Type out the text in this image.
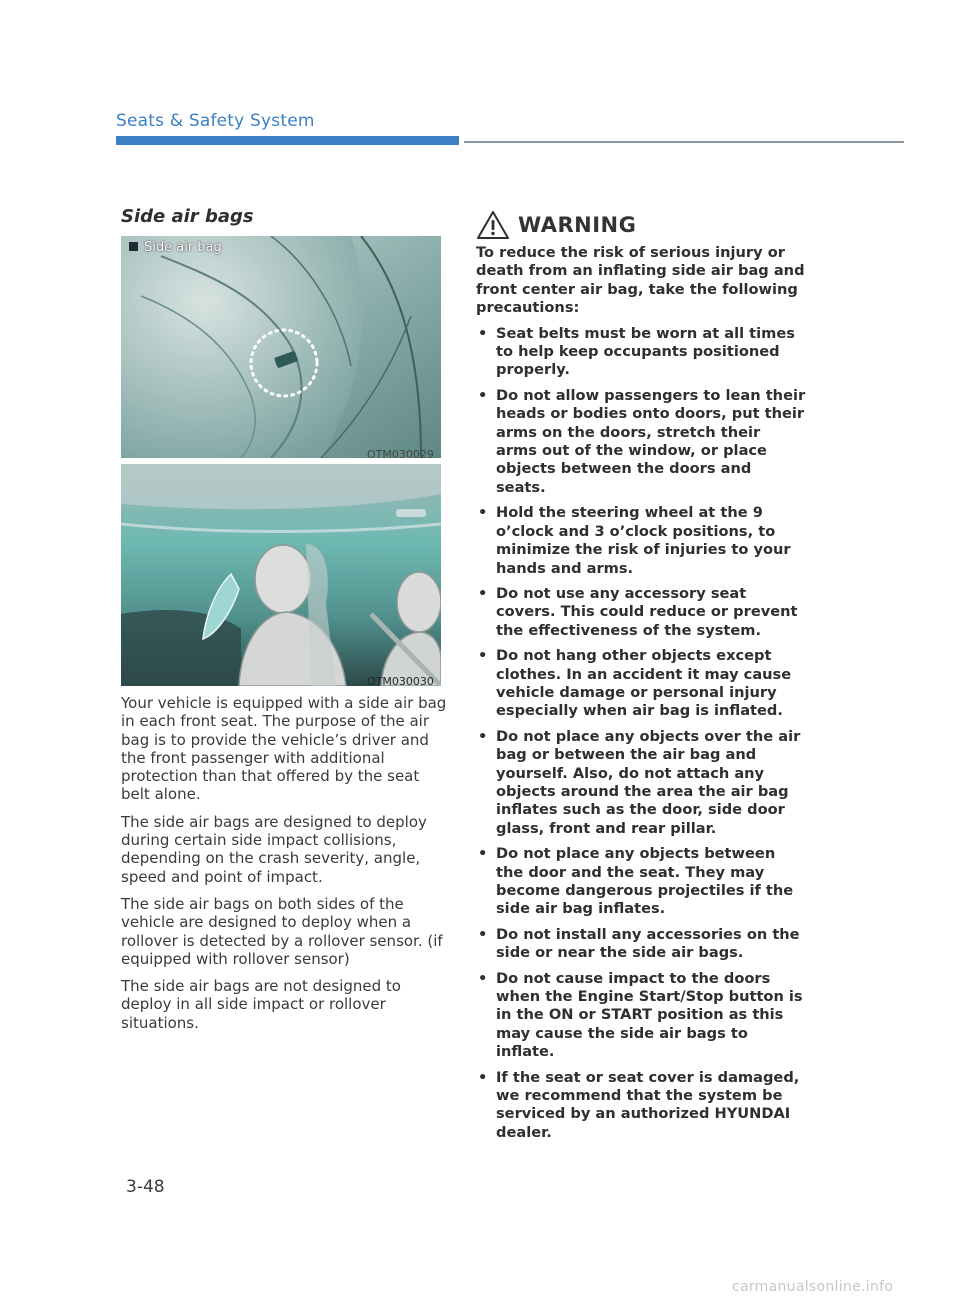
Seats & Safety System
Side air bags
Side air bag
OTM030029
OTM030030

Your vehicle is equipped with a side air bag in each front seat. The purpose of the air bag is to provide the vehicle’s driver and the front passenger with additional protection than that offered by the seat belt alone.

The side air bags are designed to deploy during certain side impact collisions, depending on the crash severity, angle, speed and point of impact.

The side air bags on both sides of the vehicle are designed to deploy when a rollover is detected by a rollover sensor. (if equipped with rollover sensor)

The side air bags are not designed to deploy in all side impact or rollover situations.

WARNING

To reduce the risk of serious injury or death from an inflating side air bag and front center air bag, take the following precautions:

• Seat belts must be worn at all times to help keep occupants positioned properly.
• Do not allow passengers to lean their heads or bodies onto doors, put their arms on the doors, stretch their arms out of the window, or place objects between the doors and seats.
• Hold the steering wheel at the 9 o’clock and 3 o’clock positions, to minimize the risk of injuries to your hands and arms.
• Do not use any accessory seat covers. This could reduce or prevent the effectiveness of the system.
• Do not hang other objects except clothes. In an accident it may cause vehicle damage or personal injury especially when air bag is inflated.
• Do not place any objects over the air bag or between the air bag and yourself. Also, do not attach any objects around the area the air bag inflates such as the door, side door glass, front and rear pillar.
• Do not place any objects between the door and the seat. They may become dangerous projectiles if the side air bag inflates.
• Do not install any accessories on the side or near the side air bags.
• Do not cause impact to the doors when the Engine Start/Stop button is in the ON or START position as this may cause the side air bags to inflate.
• If the seat or seat cover is damaged, we recommend that the system be serviced by an authorized HYUNDAI dealer.
3-48
carmanualsonline.info
